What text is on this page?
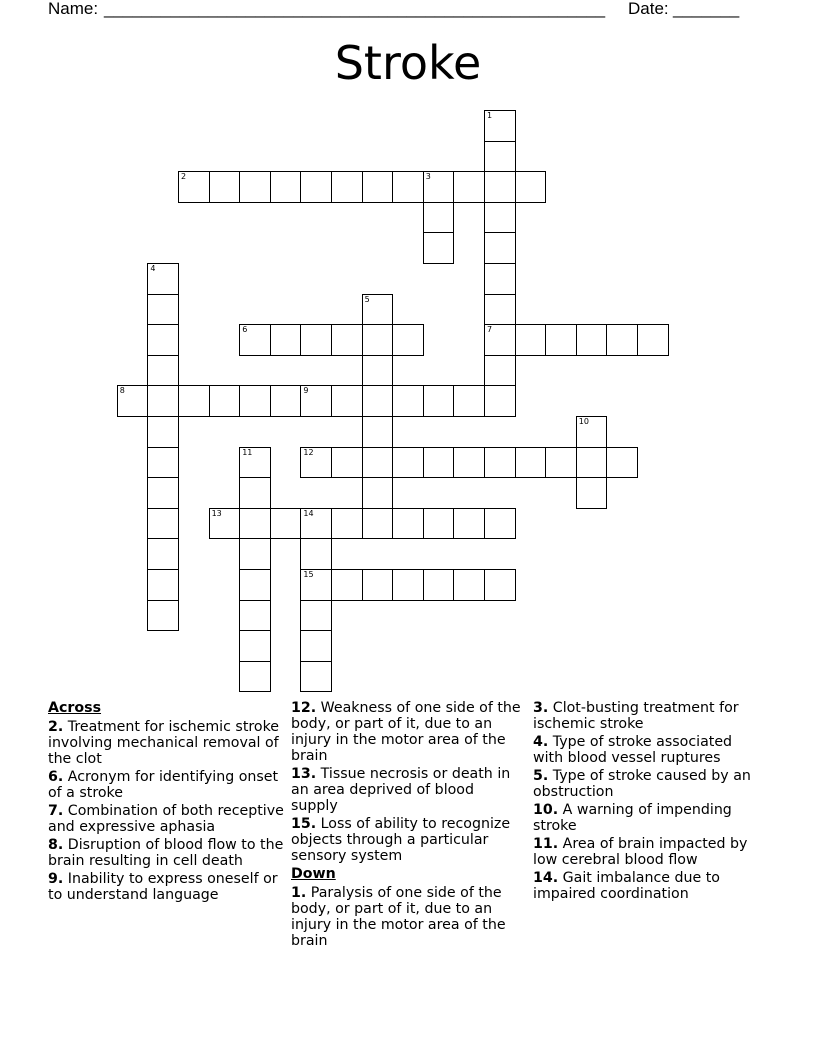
Name: _____________________________________________________ Date: _______
Stroke
1
7
2	3
4
5
6
8	9
10
12
11
13	14
15
Across
2. Treatment for ischemic stroke involving mechanical removal of the clot
6. Acronym for identifying onset of a stroke
7. Combination of both receptive and expressive aphasia
8. Disruption of blood flow to the brain resulting in cell death
9. Inability to express oneself or to understand language
12. Weakness of one side of the body, or part of it, due to an injury in the motor area of the brain
13. Tissue necrosis or death in an area deprived of blood supply
15. Loss of ability to recognize objects through a particular sensory system
Down
1. Paralysis of one side of the body, or part of it, due to an injury in the motor area of the brain
3. Clot-busting treatment for ischemic stroke
4. Type of stroke associated with blood vessel ruptures
5. Type of stroke caused by an obstruction
10. A warning of impending stroke
11. Area of brain impacted by low cerebral blood flow
14. Gait imbalance due to impaired coordination
